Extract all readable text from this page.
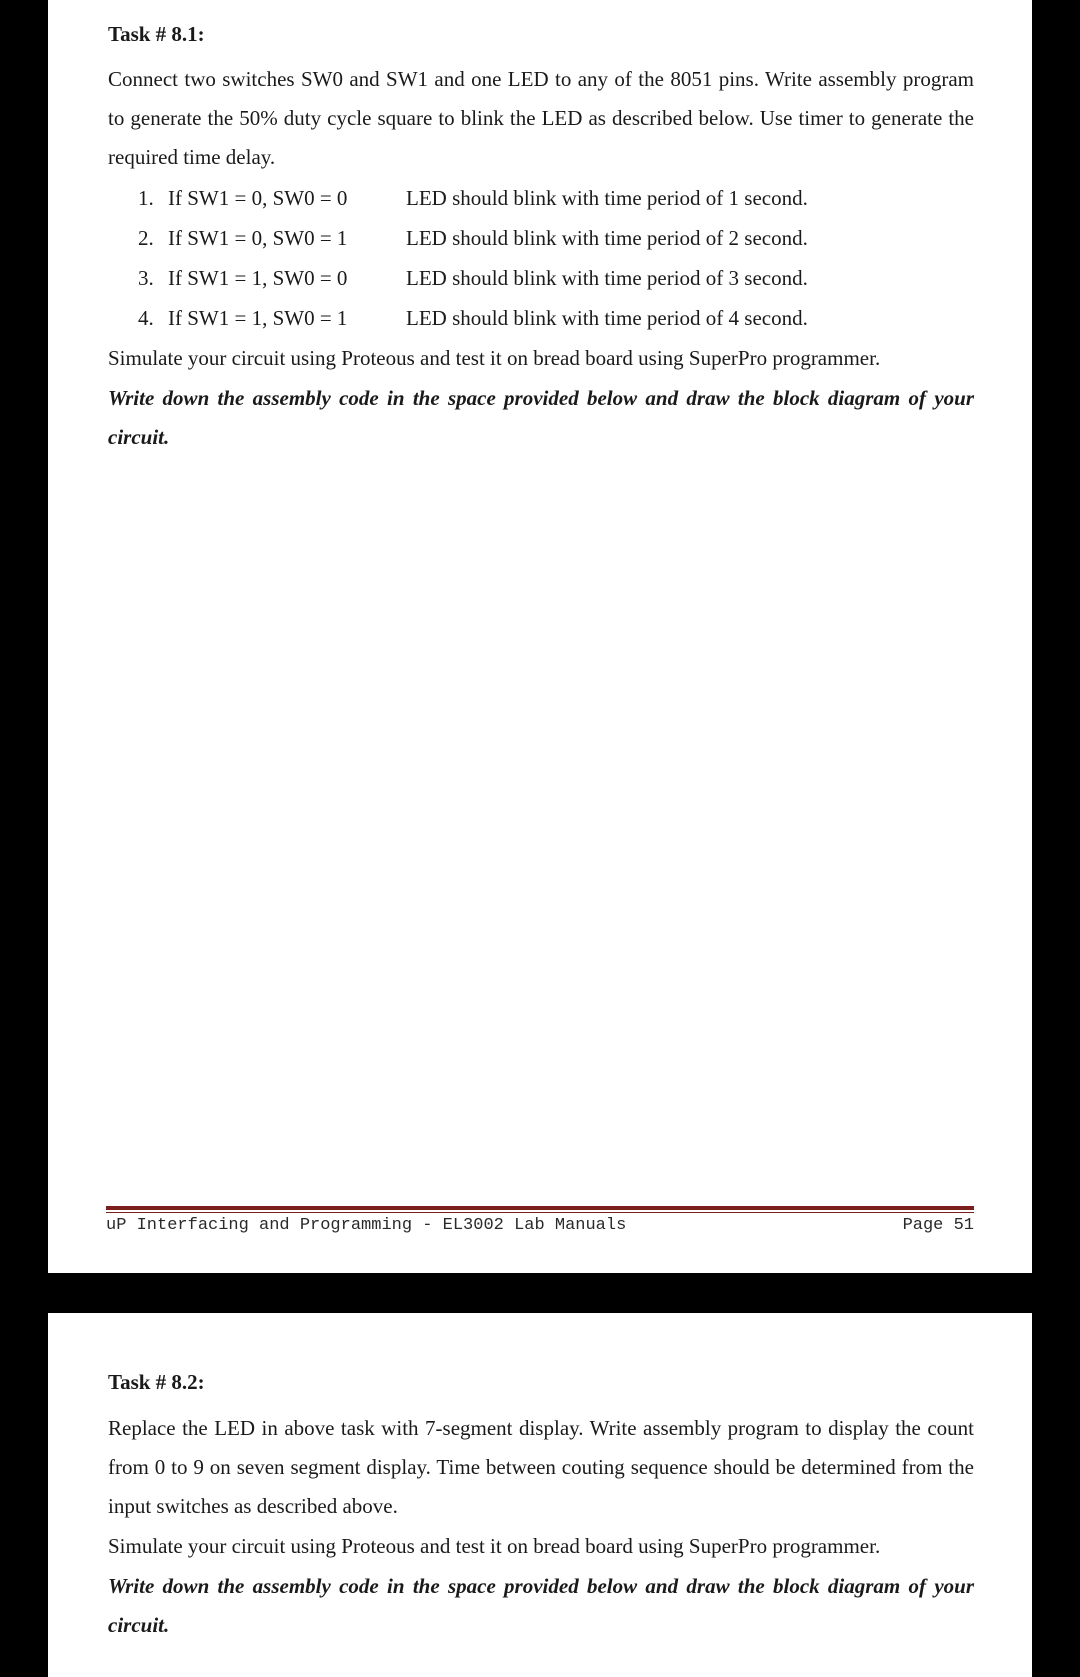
Task # 8.1:

Connect two switches SW0 and SW1 and one LED to any of the 8051 pins. Write assembly program to generate the 50% duty cycle square to blink the LED as described below. Use timer to generate the required time delay.

1. If SW1 = 0, SW0 = 0	LED should blink with time period of 1 second.
2. If SW1 = 0, SW0 = 1	LED should blink with time period of 2 second.
3. If SW1 = 1, SW0 = 0	LED should blink with time period of 3 second.
4. If SW1 = 1, SW0 = 1	LED should blink with time period of 4 second.

Simulate your circuit using Proteous and test it on bread board using SuperPro programmer.

Write down the assembly code in the space provided below and draw the block diagram of your circuit.

uP Interfacing and Programming - EL3002 Lab Manuals	Page 51

Task # 8.2:

Replace the LED in above task with 7-segment display. Write assembly program to display the count from 0 to 9 on seven segment display. Time between couting sequence should be determined from the input switches as described above.

Simulate your circuit using Proteous and test it on bread board using SuperPro programmer.

Write down the assembly code in the space provided below and draw the block diagram of your circuit.
